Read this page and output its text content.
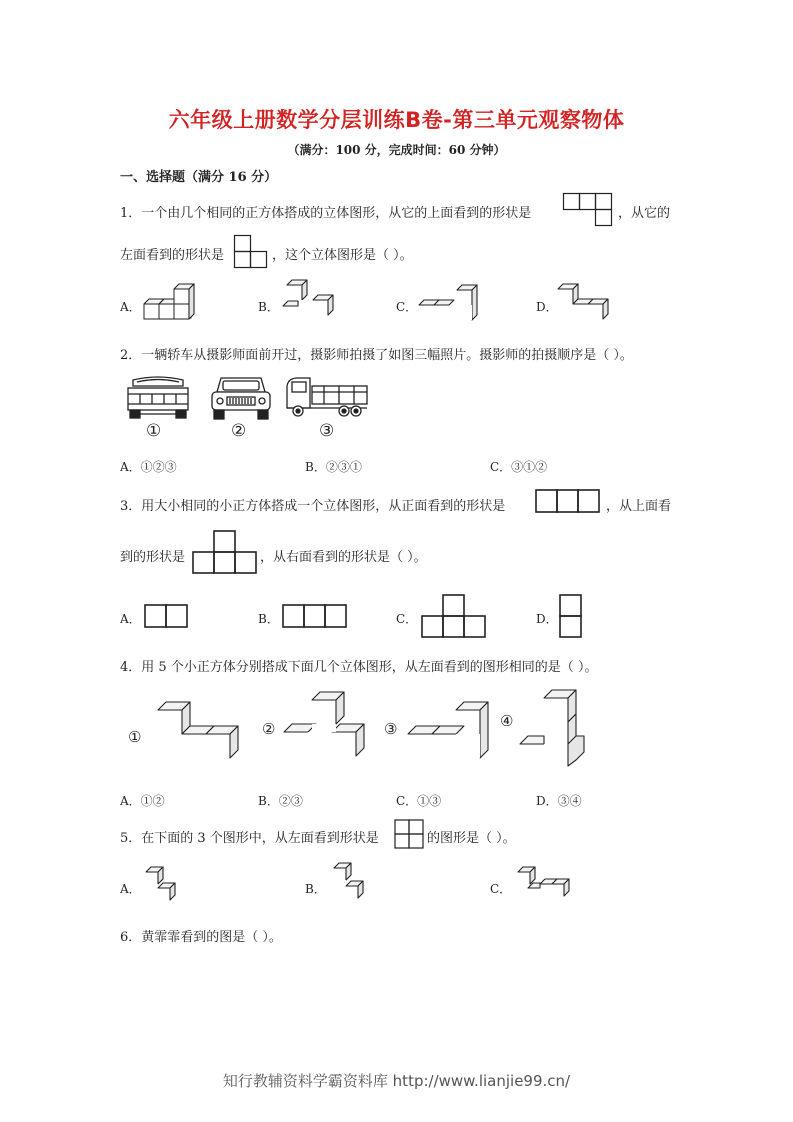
六年级上册数学分层训练B卷-第三单元观察物体
（满分：100 分，完成时间：60 分钟）
一、选择题（满分 16 分）
1．一个由几个相同的正方体搭成的立体图形，从它的上面看到的形状是	，从它的
左面看到的形状是	，这个立体图形是（ ）。
A．	B．	C．	D．
2．一辆轿车从摄影师面前开过，摄影师拍摄了如图三幅照片。摄影师的拍摄顺序是（ ）。
①	②	③
A．①②③	B．②③①	C．③①②
3．用大小相同的小正方体搭成一个立体图形，从正面看到的形状是	，从上面看
到的形状是	，从右面看到的形状是（ ）。
A．	B．	C．	D．
4．用 5 个小正方体分别搭成下面几个立体图形，从左面看到的图形相同的是（ ）。
①	②	③	④
A．①②	B．②③	C．①③	D．③④
5．在下面的 3 个图形中，从左面看到形状是	的图形是（ ）。
A．	B．	C．
6．黄霏霏看到的图是（ ）。
知行教辅资料学霸资料库 http://www.lianjie99.cn/
